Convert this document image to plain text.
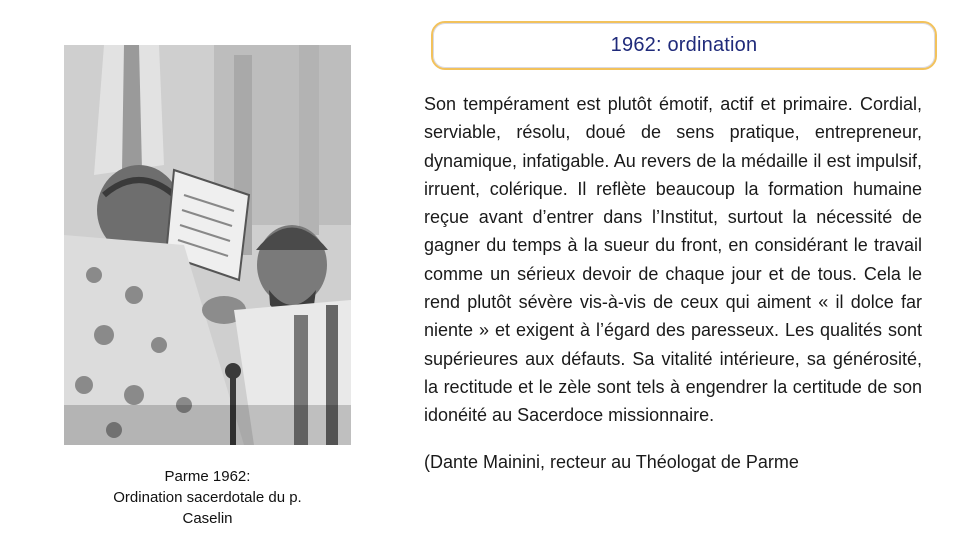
1962: ordination
Parme 1962:
Ordination sacerdotale du p.
Caselin

Son tempérament est plutôt émotif, actif et primaire. Cordial, serviable, résolu, doué de sens pratique, entrepreneur, dynamique, infatigable. Au revers de la médaille il est impulsif, irruent, colérique. Il reflète beaucoup la formation humaine reçue avant d’entrer dans l’Institut, surtout la nécessité de gagner du temps à la sueur du front, en considérant le travail comme un sérieux devoir de chaque jour et de tous. Cela le rend plutôt sévère vis-à-vis de ceux qui aiment « il dolce far niente » et exigent à l’égard des paresseux. Les qualités sont supérieures aux défauts. Sa vitalité intérieure, sa générosité, la rectitude et le zèle sont tels à engendrer la certitude de son idonéité au Sacerdoce missionnaire.

(Dante Mainini, recteur au Théologat de Parme
